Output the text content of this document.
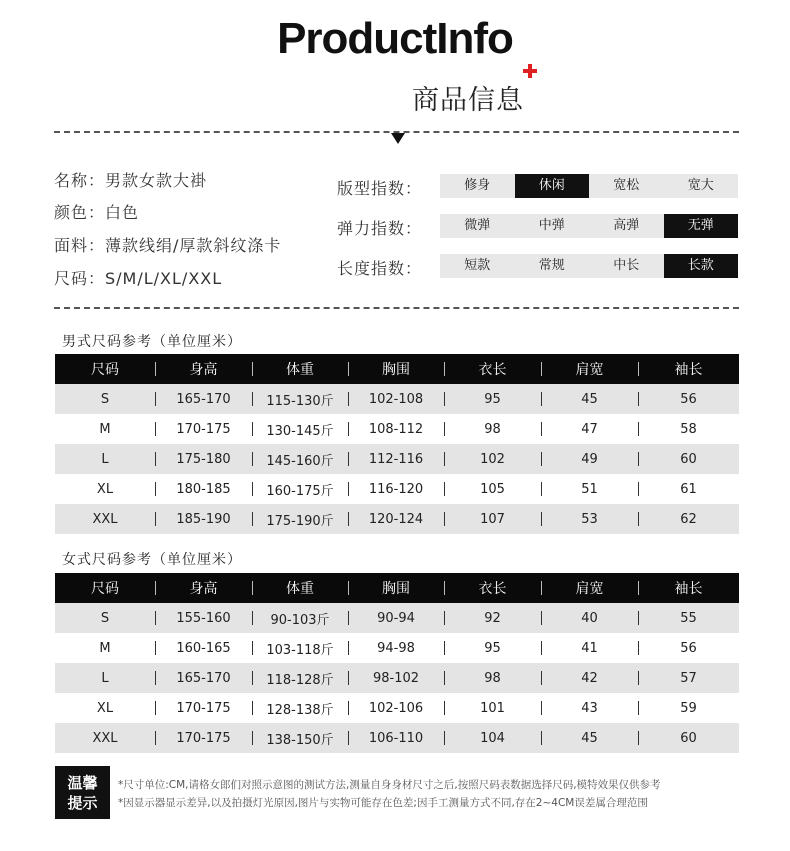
ProductInfo
商品信息
名称：男款女款大褂
颜色：白色
面料：薄款线绢/厚款斜纹涤卡
尺码：S/M/L/XL/XXL
版型指数：	修身	休闲	宽松	宽大
弹力指数：	微弹	中弹	高弹	无弹
长度指数：	短款	常规	中长	长款
男式尺码参考（单位厘米）
尺码	身高	体重	胸围	衣长	肩宽	袖长
S	165-170	115-130斤	102-108	95	45	56
M	170-175	130-145斤	108-112	98	47	58
L	175-180	145-160斤	112-116	102	49	60
XL	180-185	160-175斤	116-120	105	51	61
XXL	185-190	175-190斤	120-124	107	53	62
女式尺码参考（单位厘米）
尺码	身高	体重	胸围	衣长	肩宽	袖长
S	155-160	90-103斤	90-94	92	40	55
M	160-165	103-118斤	94-98	95	41	56
L	165-170	118-128斤	98-102	98	42	57
XL	170-175	128-138斤	102-106	101	43	59
XXL	170-175	138-150斤	106-110	104	45	60
温馨
提示
*尺寸单位:CM,请格女郎们对照示意图的测试方法,测量自身身材尺寸之后,按照尺码表数据选择尺码,模特效果仅供参考
*因显示器显示差异,以及拍摄灯光原因,图片与实物可能存在色差;因手工测量方式不同,存在2~4CM误差属合理范围
